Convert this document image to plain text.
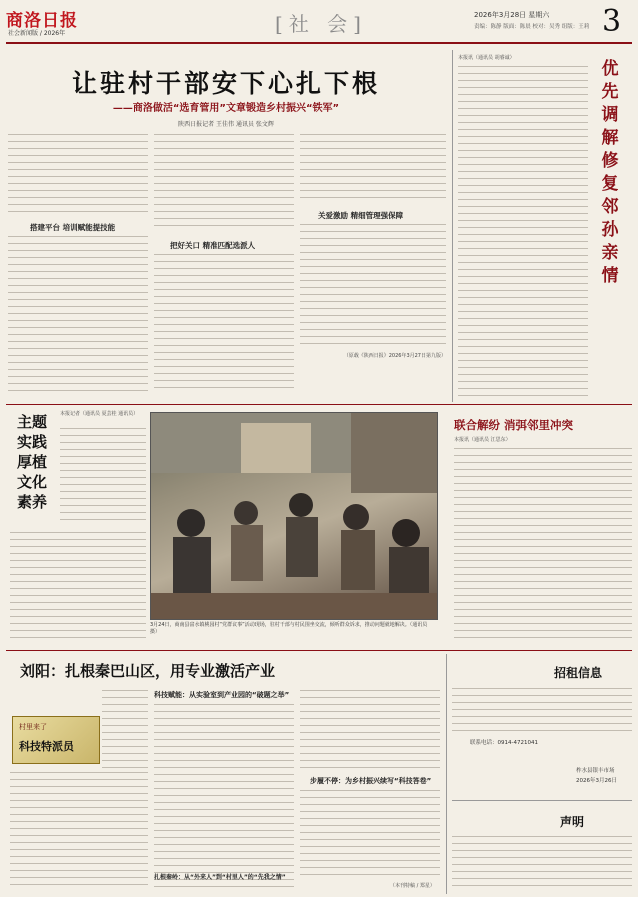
商洛日报
社会新闻版 / 2026年	[社 会]	2026年3月28日 星期六
责编：陈静 版面：陈晨 校对：吴秀 组版：王莉 3
让驻村干部安下心扎下根
——商洛做活“选育管用”文章锻造乡村振兴“铁军”
陕西日报记者 王佳伟 通讯员 张文辉
搭建平台 培训赋能提技能
把好关口 精准匹配选派人
关爱激励 精细管理强保障
（原载《陕西日报》2026年3月27日第九版）
本报讯（通讯员 胡睿诚）
优先调解 修复邻孙亲情
主题实践 厚植文化素养
本报记者（通讯员 夏芸桂 通讯员）
3月24日，商南县富水镇桃园村“党群议事”活动现场，驻村干部与村民围坐交流，倾听群众诉求，推动问题就地解决。（通讯员 摄）
联合解纷 消弭邻里冲突
本报讯（通讯员 江思东）
刘阳：扎根秦巴山区，用专业激活产业
村里来了
科技特派员
科技赋能：从实验室到产业园的“破题之举”
步履不停：为乡村振兴续写“科技答卷”
（本刊特稿 / 郑星）
扎根秦岭：从“外来人”到“村里人”的“先我之情”
招租信息
联系电话：0914-4721041
柞水县银丰市场
2026年3月26日
声明
